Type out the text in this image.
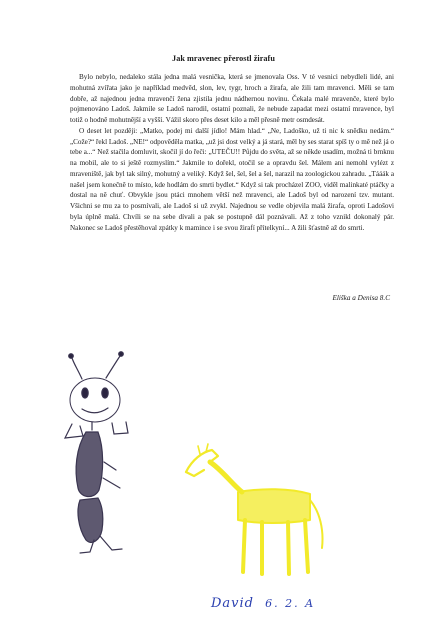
Jak mravenec přerostl žirafu

Bylo nebylo, nedaleko stála jedna malá vesnička, která se jmenovala Oss. V té vesnici nebydleli lidé, ani mohutná zvířata jako je například medvěd, slon, lev, tygr, hroch a žirafa, ale žili tam mravenci. Měli se tam dobře, až najednou jedna mravenčí žena zjistila jednu nádhernou novinu. Čekala malé mravenče, které bylo pojmenováno Ladoš. Jakmile se Ladoš narodil, ostatní poznali, že nebude zapadat mezi ostatní mravence, byl totiž o hodně mohutnější a vyšší. Vážil skoro přes deset kilo a měl přesně metr osmdesát.

O deset let později: „Matko, podej mi další jídlo! Mám hlad.“ „Ne, Ladoško, už ti nic k snědku nedám.“ „Cože?“ řekl Ladoš. „NE!“ odpověděla matka, „už jsi dost velký a já stará, měl by ses starat spíš ty o mě než já o tebe a...“ Než stačila domluvit, skočil jí do řeči: „UTEČU!! Půjdu do světa, až se někde usadím, možná ti brnknu na mobil, ale to si ještě rozmyslím.“ Jakmile to dořekl, otočil se a opravdu šel. Málem ani nemohl vylézt z mraveniště, jak byl tak silný, mohutný a veliký. Když šel, šel, šel a šel, narazil na zoologickou zahradu. „Tááák a našel jsem konečně to místo, kde hodlám do smrti bydlet.“ Když si tak procházel ZOO, viděl malinkaté ptáčky a dostal na ně chuť. Obvykle jsou ptáci mnohem větší než mravenci, ale Ladoš byl od narození tzv. mutant. Všichni se mu za to posmívali, ale Ladoš si už zvykl. Najednou se vedle objevila malá žirafa, oproti Ladošovi byla úplně malá. Chvíli se na sebe dívali a pak se postupně dál poznávali. Až z toho vznikl dokonalý pár. Nakonec se Ladoš přestěhoval zpátky k mamince i se svou žirafí přítelkyní... A žili šťastně až do smrti.

Eliška a Denisa 8.C
David 6. 2. A
